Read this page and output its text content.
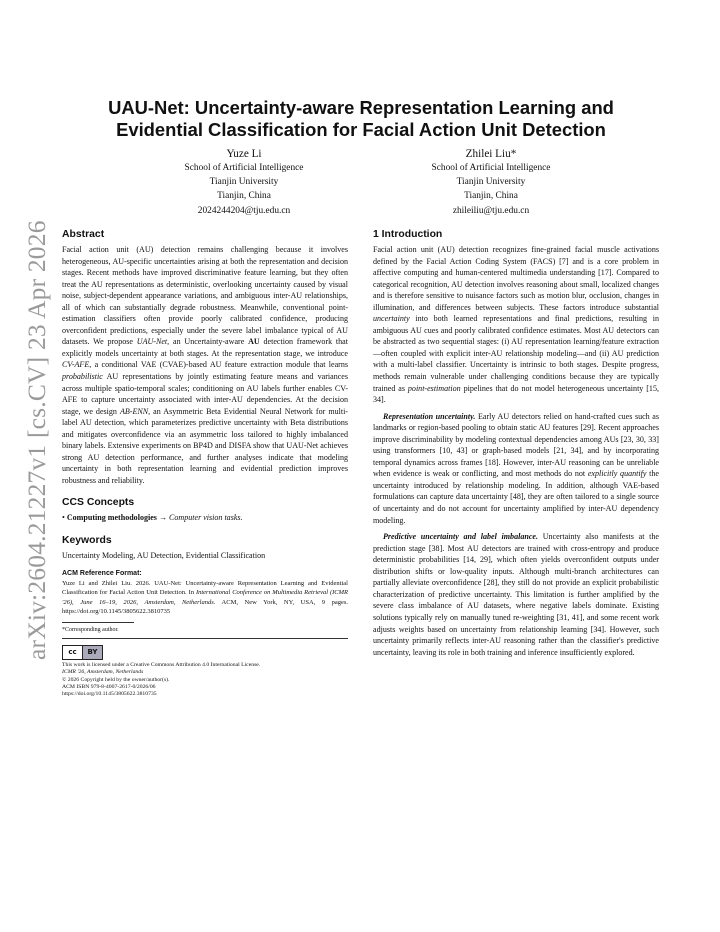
arXiv:2604.21227v1 [cs.CV] 23 Apr 2026
UAU-Net: Uncertainty-aware Representation Learning and
Evidential Classification for Facial Action Unit Detection
Yuze Li
School of Artificial Intelligence
Tianjin University
Tianjin, China
2024244204@tju.edu.cn
Zhilei Liu*
School of Artificial Intelligence
Tianjin University
Tianjin, China
zhileiliu@tju.edu.cn
Abstract

Facial action unit (AU) detection remains challenging because it involves heterogeneous, AU-specific uncertainties arising at both the representation and decision stages. Recent methods have improved discriminative feature learning, but they often treat the AU representations as deterministic, overlooking uncertainty caused by visual noise, subject-dependent appearance variations, and ambiguous inter-AU relationships, all of which can substantially degrade robustness. Meanwhile, conventional point-estimation classifiers often provide poorly calibrated confidence, producing overconfident predictions, especially under the severe label imbalance typical of AU datasets. We propose UAU-Net, an Uncertainty-aware AU detection framework that explicitly models uncertainty at both stages. At the representation stage, we introduce CV-AFE, a conditional VAE (CVAE)-based AU feature extraction module that learns probabilistic AU representations by jointly estimating feature means and variances across multiple spatio-temporal scales; conditioning on AU labels further enables CV-AFE to capture uncertainty associated with inter-AU dependencies. At the decision stage, we design AB-ENN, an Asymmetric Beta Evidential Neural Network for multi-label AU detection, which parameterizes predictive uncertainty with Beta distributions and mitigates overconfidence via an asymmetric loss tailored to highly imbalanced binary labels. Extensive experiments on BP4D and DISFA show that UAU-Net achieves strong AU detection performance, and further analyses indicate that modeling uncertainty in both representation learning and evidential prediction improves robustness and reliability.

CCS Concepts

• Computing methodologies → Computer vision tasks.

Keywords

Uncertainty Modeling, AU Detection, Evidential Classification

ACM Reference Format:

Yuze Li and Zhilei Liu. 2026. UAU-Net: Uncertainty-aware Representation Learning and Evidential Classification for Facial Action Unit Detection. In International Conference on Multimedia Retrieval (ICMR '26), June 16–19, 2026, Amsterdam, Netherlands. ACM, New York, NY, USA, 9 pages. https://doi.org/10.1145/3805622.3810735

*Corresponding author.
cc	BY
This work is licensed under a Creative Commons Attribution 4.0 International License.
ICMR '26, Amsterdam, Netherlands
© 2026 Copyright held by the owner/author(s).
ACM ISBN 979-8-4007-2617-0/2026/06
https://doi.org/10.1145/3805622.3810735
1 Introduction

Facial action unit (AU) detection recognizes fine-grained facial muscle activations defined by the Facial Action Coding System (FACS) [7] and is a core problem in affective computing and human-centered multimedia understanding [17]. Compared to categorical recognition, AU detection involves reasoning about small, localized changes and is therefore sensitive to nuisance factors such as motion blur, occlusion, changes in illumination, and differences between subjects. These factors introduce substantial uncertainty into both learned representations and final predictions, resulting in ambiguous AU cues and poorly calibrated confidence estimates. Most AU detectors can be abstracted as two sequential stages: (i) AU representation learning/feature extraction—often coupled with explicit inter-AU relationship modeling—and (ii) AU prediction with a multi-label classifier. Uncertainty is intrinsic to both stages. Despite progress, methods remain vulnerable under challenging conditions because they are typically trained as point-estimation pipelines that do not model heterogeneous uncertainty [15, 34].

Representation uncertainty. Early AU detectors relied on hand-crafted cues such as landmarks or region-based pooling to obtain static AU features [29]. Recent approaches improve discriminability by modeling contextual dependencies among AUs [23, 30, 33] using transformers [10, 43] or graph-based models [21, 34], and by incorporating temporal dynamics across frames [18]. However, inter-AU reasoning can be unreliable when evidence is weak or conflicting, and most methods do not explicitly quantify the uncertainty introduced by relationship modeling. In addition, although VAE-based formulations can capture data uncertainty [48], they are often tailored to a single source of uncertainty and do not account for uncertainty amplified by inter-AU dependency modeling.

Predictive uncertainty and label imbalance. Uncertainty also manifests at the prediction stage [38]. Most AU detectors are trained with cross-entropy and produce deterministic probabilities [14, 29], which often yields overconfident outputs under distribution shifts or low-quality inputs. Although multi-branch architectures can partially alleviate overconfidence [28], they still do not provide an explicit probabilistic characterization of predictive uncertainty. This limitation is further amplified by the severe class imbalance of AU datasets, where negative labels dominate. Existing solutions typically rely on manually tuned re-weighting [31, 41], and some recent work adjusts weights based on uncertainty from relationship learning [34]. However, such uncertainty primarily reflects inter-AU reasoning rather than the classifier's predictive uncertainty, leaving its role in both training and inference insufficiently explored.
